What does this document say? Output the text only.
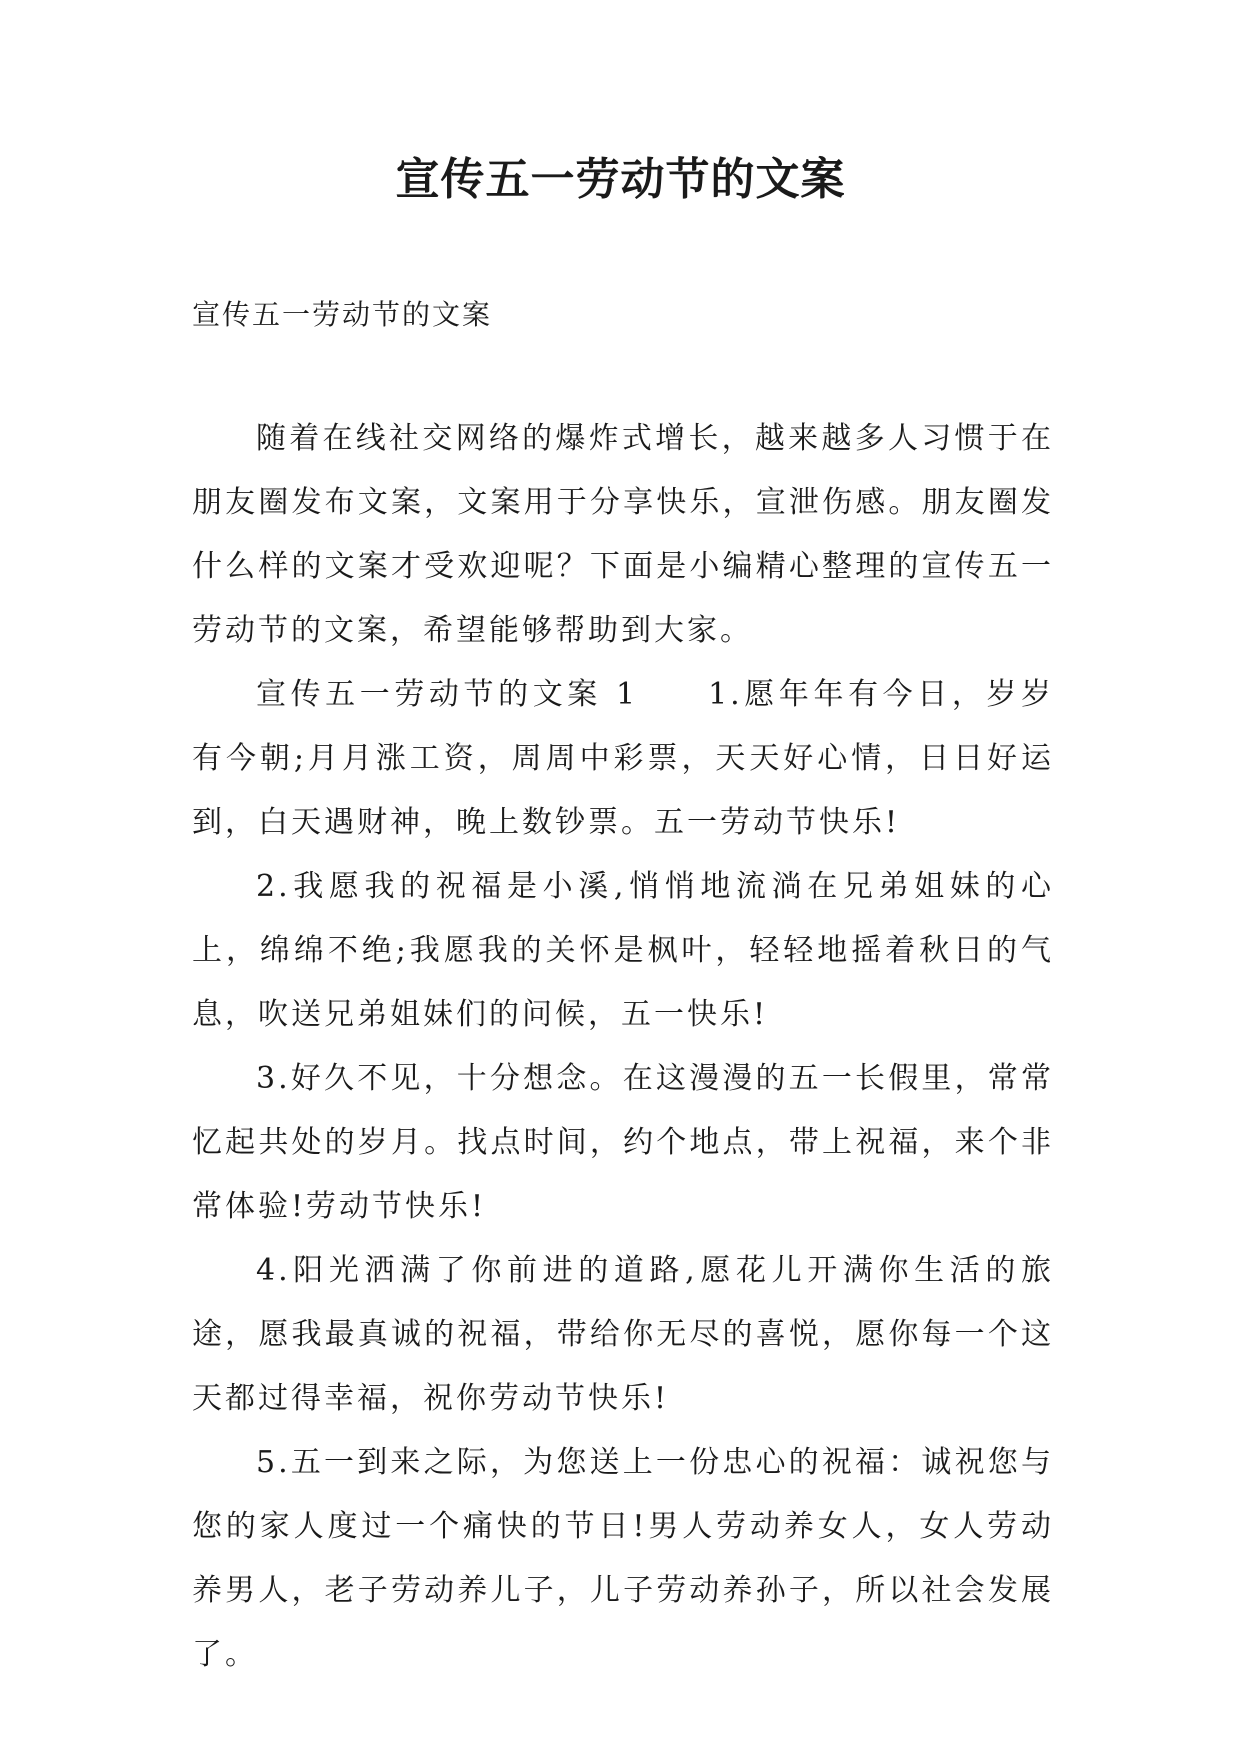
宣传五一劳动节的文案
宣传五一劳动节的文案

随着在线社交网络的爆炸式增长，越来越多人习惯于在朋友圈发布文案，文案用于分享快乐，宣泄伤感。朋友圈发什么样的文案才受欢迎呢？下面是小编精心整理的宣传五一劳动节的文案，希望能够帮助到大家。

宣传五一劳动节的文案 1 1.愿年年有今日，岁岁有今朝;月月涨工资，周周中彩票，天天好心情，日日好运到，白天遇财神，晚上数钞票。五一劳动节快乐!

2.我愿我的祝福是小溪,悄悄地流淌在兄弟姐妹的心上，绵绵不绝;我愿我的关怀是枫叶，轻轻地摇着秋日的气息，吹送兄弟姐妹们的问候，五一快乐!

3.好久不见，十分想念。在这漫漫的五一长假里，常常忆起共处的岁月。找点时间，约个地点，带上祝福，来个非常体验!劳动节快乐!

4.阳光洒满了你前进的道路,愿花儿开满你生活的旅途，愿我最真诚的祝福，带给你无尽的喜悦，愿你每一个这天都过得幸福，祝你劳动节快乐!

5.五一到来之际，为您送上一份忠心的祝福：诚祝您与您的家人度过一个痛快的节日!男人劳动养女人，女人劳动养男人，老子劳动养儿子，儿子劳动养孙子，所以社会发展了。
